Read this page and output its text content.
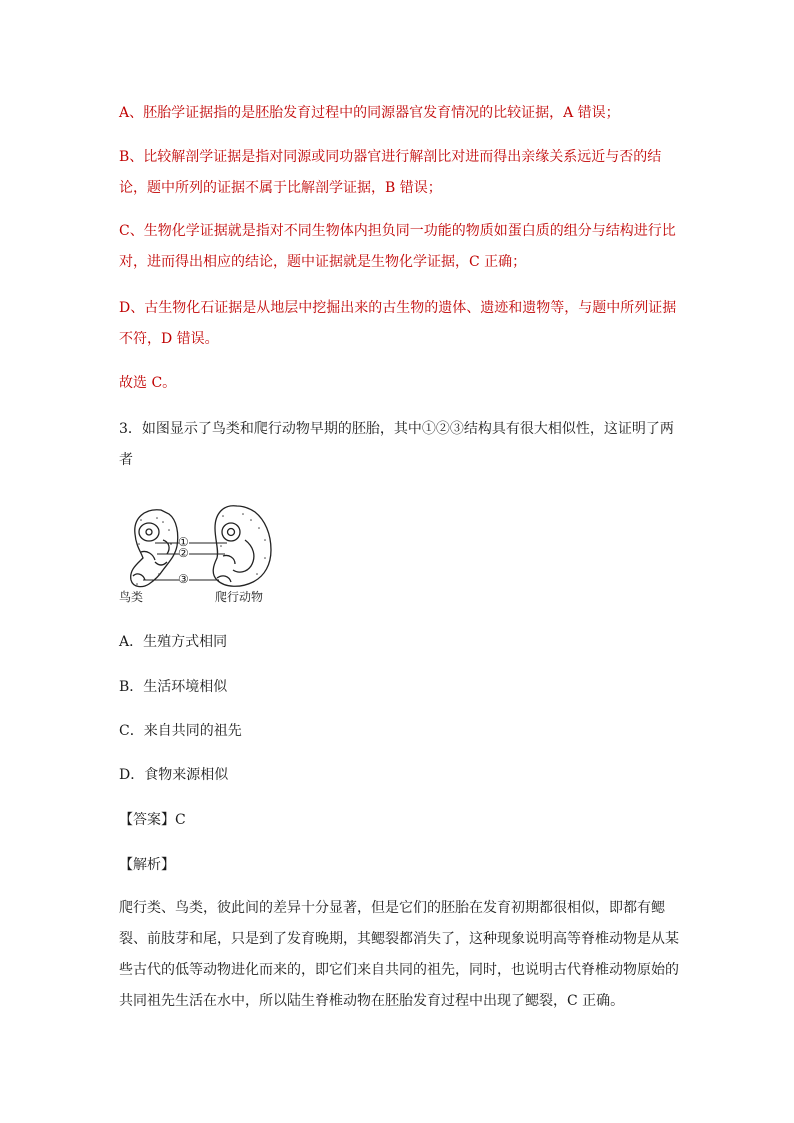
A、胚胎学证据指的是胚胎发育过程中的同源器官发育情况的比较证据，A 错误；

B、比较解剖学证据是指对同源或同功器官进行解剖比对进而得出亲缘关系远近与否的结论，题中所列的证据不属于比解剖学证据，B 错误；

C、生物化学证据就是指对不同生物体内担负同一功能的物质如蛋白质的组分与结构进行比对，进而得出相应的结论，题中证据就是生物化学证据，C 正确；

D、古生物化石证据是从地层中挖掘出来的古生物的遗体、遗迹和遗物等，与题中所列证据不符，D 错误。

故选 C。

3．如图显示了鸟类和爬行动物早期的胚胎，其中①②③结构具有很大相似性，这证明了两者

①
②
③
鸟类	爬行动物
A．生殖方式相同
B．生活环境相似
C．来自共同的祖先
D．食物来源相似
【答案】C
【解析】

爬行类、鸟类，彼此间的差异十分显著，但是它们的胚胎在发育初期都很相似，即都有鳃裂、前肢芽和尾，只是到了发育晚期，其鳃裂都消失了，这种现象说明高等脊椎动物是从某些古代的低等动物进化而来的，即它们来自共同的祖先，同时，也说明古代脊椎动物原始的共同祖先生活在水中，所以陆生脊椎动物在胚胎发育过程中出现了鳃裂，C 正确。
